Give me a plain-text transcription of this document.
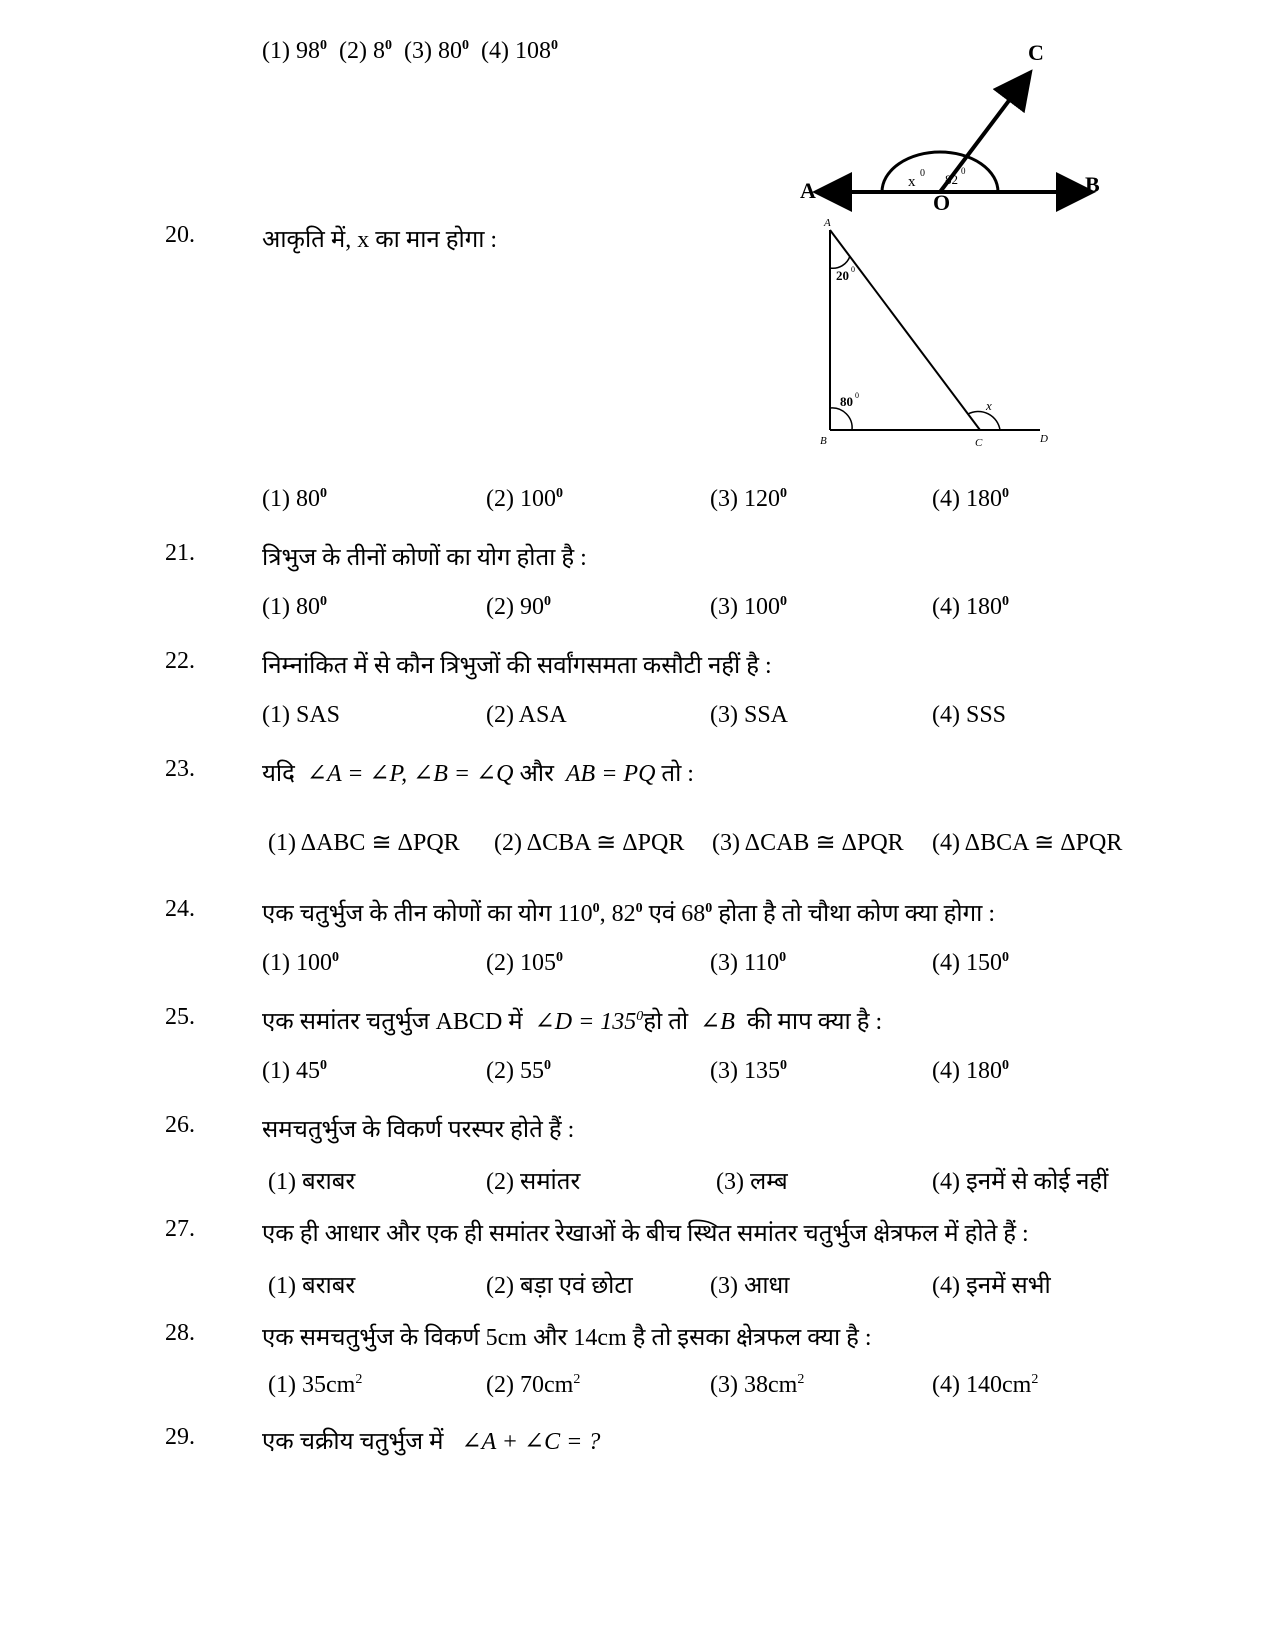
(1) $98^0$ (2) $8^0$ (3) $80^0$ (4) $108^0$	C
A	B
O
x
0 82
0
20.	आकृति में, x का मान होगा :
A
20 0
80 0
x
B	C	D
(1) $80^0$	(2) $100^0$	(3) $120^0$	(4) $180^0$
21.	त्रिभुज के तीनों कोणों का योग होता है :
(1) $80^0$	(2) $90^0$	(3) $100^0$	(4) $180^0$
22.	निम्नांकित में से कौन त्रिभुजों की सर्वांगसमता कसौटी नहीं है :
(1) SAS	(2) ASA	(3) SSA	(4) SSS
23.	यदि ∠A = ∠P, ∠B = ∠Q और AB = PQ तो :
(1) ΔABC ≅ ΔPQR (2) ΔCBA ≅ ΔPQR (3) ΔCAB ≅ ΔPQR (4) ΔBCA ≅ ΔPQR
24.	एक चतुर्भुज के तीन कोणों का योग $110^0$, $82^0$ एवं $68^0$ होता है तो चौथा कोण क्या होगा :
(1) $100^0$	(2) $105^0$	(3) $110^0$	(4) $150^0$
25.	एक समांतर चतुर्भुज ABCD में ∠D = $135^0हो$ तो ∠B की माप क्या है :
(1) $45^0$	(2) $55^0$	(3) $135^0$	(4) $180^0$
26.	समचतुर्भुज के विकर्ण परस्पर होते हैं :
(1) बराबर	(2) समांतर	(3) लम्ब	(4) इनमें से कोई नहीं
27.	एक ही आधार और एक ही समांतर रेखाओं के बीच स्थित समांतर चतुर्भुज क्षेत्रफल में होते हैं :
(1) बराबर	(2) बड़ा एवं छोटा	(3) आधा	(4) इनमें सभी
28.	एक समचतुर्भुज के विकर्ण 5cm और 14cm है तो इसका क्षेत्रफल क्या है :
(1) $35cm^2$	(2) $70cm^2$	(3) $38cm^2$	(4) $140cm^2$
29.	एक चक्रीय चतुर्भुज में ∠A + ∠C = ?
